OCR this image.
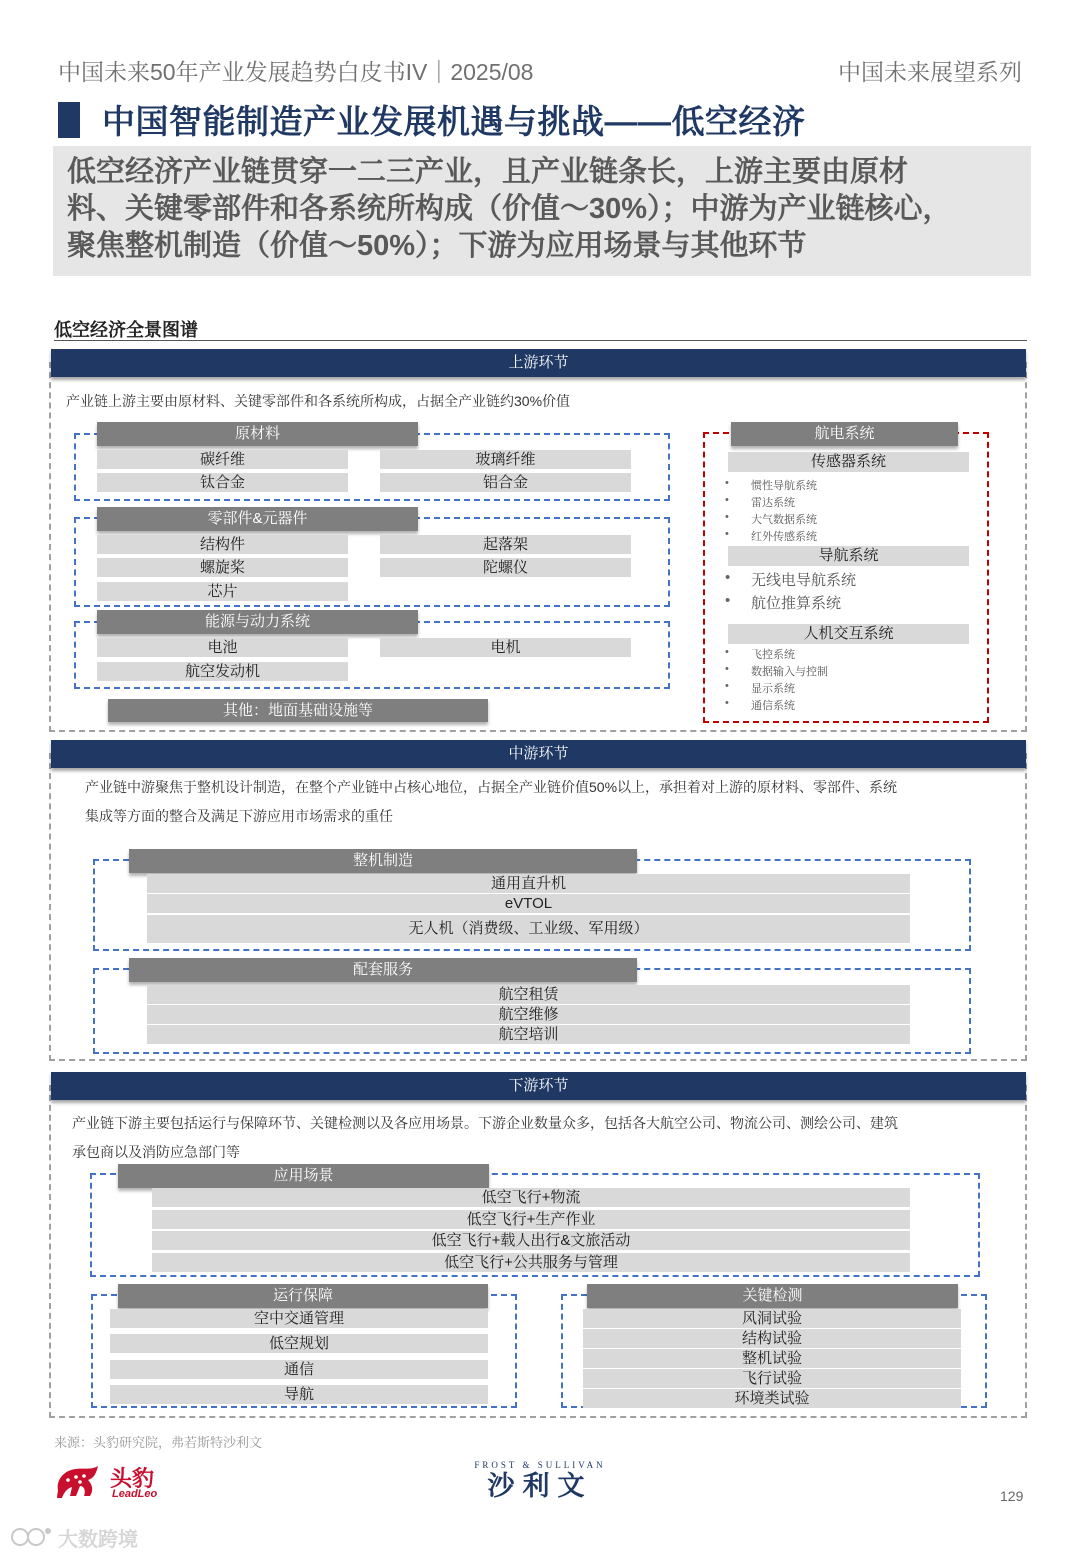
中国未来50年产业发展趋势白皮书IV｜2025/08	中国未来展望系列
中国智能制造产业发展机遇与挑战——低空经济
低空经济产业链贯穿一二三产业，且产业链条长，上游主要由原材
料、关键零部件和各系统所构成（价值～30%）；中游为产业链核心，
聚焦整机制造（价值～50%）；下游为应用场景与其他环节
低空经济全景图谱
上游环节
产业链上游主要由原材料、关键零部件和各系统所构成，占据全产业链约30%价值
原材料
碳纤维	玻璃纤维
钛合金	铝合金
零部件&元器件
结构件	起落架
螺旋桨	陀螺仪
芯片
能源与动力系统
电池	电机
航空发动机
其他：地面基础设施等
航电系统
传感器系统
• 惯性导航系统
• 雷达系统
• 大气数据系统
• 红外传感系统
导航系统
• 无线电导航系统
• 航位推算系统
人机交互系统
• 飞控系统
• 数据输入与控制
• 显示系统
• 通信系统
中游环节
产业链中游聚焦于整机设计制造，在整个产业链中占核心地位，占据全产业链价值50%以上，承担着对上游的原材料、零部件、系统
集成等方面的整合及满足下游应用市场需求的重任
整机制造
通用直升机
eVTOL
无人机（消费级、工业级、军用级）
配套服务
航空租赁
航空维修
航空培训
下游环节
产业链下游主要包括运行与保障环节、关键检测以及各应用场景。下游企业数量众多，包括各大航空公司、物流公司、测绘公司、建筑
承包商以及消防应急部门等
应用场景
低空飞行+物流
低空飞行+生产作业
低空飞行+载人出行&文旅活动
低空飞行+公共服务与管理
运行保障
空中交通管理
低空规划
通信
导航
关键检测
风洞试验
结构试验
整机试验
飞行试验
环境类试验
来源：头豹研究院，弗若斯特沙利文
头豹
LeadLeo
FROST & SULLIVAN
沙利文	129
大数跨境
